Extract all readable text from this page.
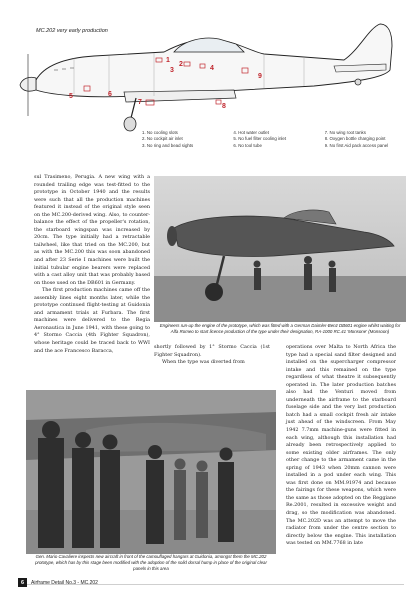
1
2
3	4
5	6
7
8
9
MC.202 very early production
1. No cooling slots	4. Hot water outlet	7. No wing root tanks
2. No cockpit air inlet	5. No fuel filter cooling inlet	8. Oxygen bottle charging point
3. No ring and bead sights	6. No tool tube	9. No first Aid pack access panel

sul Trasimeno, Perugia. A new wing with a rounded trailing edge was test-fitted to the prototype in October 1940 and the results were such that all the production machines featured it instead of the original style seen on the MC.200-derived wing. Also, to counter-balance the effect of the propeller's rotation, the starboard wingspan was increased by 20cm. The type initially had a retractable tailwheel, like that tried on the MC.200, but as with the MC.200 this was soon abandoned and after 23 Serie I machines were built the initial tubular engine bearers were replaced with a cast alloy unit that was probably based on those used on the DB601 in Germany.

The first production machines came off the assembly lines eight months later, while the prototype continued flight-testing at Guidonia and armament trials at Furbara. The first machines were delivered to the Regia Aeronautica in June 1941, with these going to 4° Stormo Caccia (4th Fighter Squadron), whose heritage could be traced back to WWI and the ace Francesco Baracca,

Engineers run-up the engine of the prototype, which was fitted with a German Daimler-Benz DB601 engine whilst waiting for Alfa Romeo to start licence production of the type under their designation, RA-1000 RC.41 'Monsone' (Monsoon)

shortly followed by 1° Stormo Caccia (1st Fighter Squadron).

When the type was diverted from

operations over Malta to North Africa the type had a special sand filter designed and installed on the supercharger compressor intake and this remained on the type regardless of what theatre it subsequently operated in. The later production batches also had the Venturi moved from underneath the airframe to the starboard fuselage side and the very last production batch had a small cockpit fresh air intake just ahead of the windscreen. From May 1942 7.7mm machine-guns were fitted in each wing, although this installation had already been retrospectively applied to some existing older airframes. The only other change to the armament came in the spring of 1943 when 20mm cannon were installed in a pod under each wing. This was first done on MM.91974 and because the fairings for these weapons, which were the same as those adopted on the Reggiane Re.2001, resulted in excessive weight and drag, so the modification was abandoned. The MC.202D was an attempt to move the radiator from under the centre section to directly below the engine. This installation was tested on MM.7768 in late

Gen. Mario Cavaliere inspects new aircraft in front of the camouflaged hangars at Guidonia, amongst them the MC.202 prototype, which has by this stage been modified with the adoption of the solid dorsal hump in place of the original clear panels in this area
6	Airframe Detail No.3 - MC.202
